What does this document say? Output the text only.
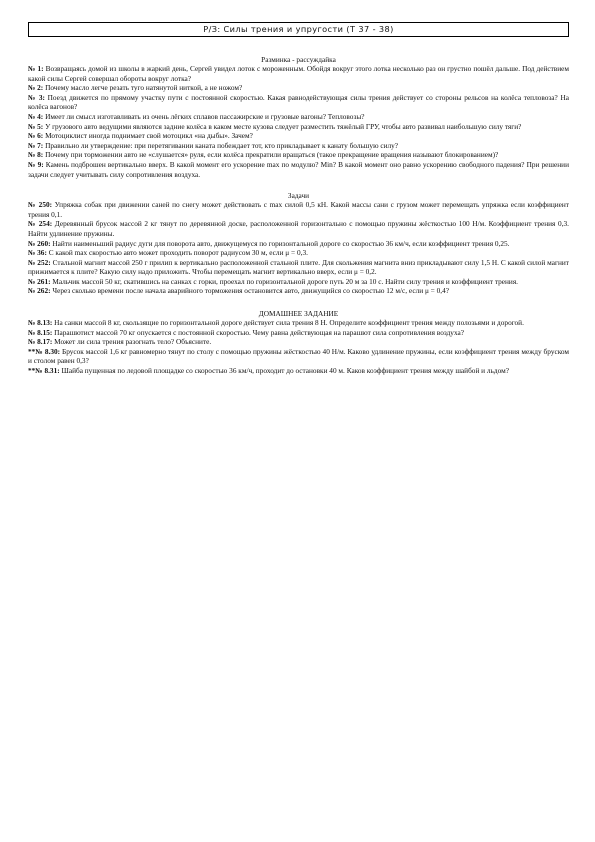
Р/З: Силы трения и упругости (Т 37 - 38)
Разминка - рассуждайка
№ 1: Возвращаясь домой из школы в жаркий день, Сергей увидел лоток с мороженным. Обойдя вокруг этого лотка несколько раз он грустно пошёл дальше. Под действием какой силы Сергей совершал обороты вокруг лотка?
№ 2: Почему масло легче резать туго натянутой ниткой, а не ножом?
№ 3: Поезд движется по прямому участку пути с постоянной скоростью. Какая равнодействующая силы трения действует со стороны рельсов на колёса тепловоза? На колёса вагонов?
№ 4: Имеет ли смысл изготавливать из очень лёгких сплавов пассажирские и грузовые вагоны? Тепловозы?
№ 5: У грузового авто ведущими являются задние колёса в каком месте кузова следует разместить тяжёлый ГРУ, чтобы авто развивал наибольшую силу тяги?
№ 6: Мотоциклист иногда поднимает свой мотоцикл «на дыбы». Зачем?
№ 7: Правильно ли утверждение: при перетягивании каната побеждает тот, кто прикладывает к канату большую силу?
№ 8: Почему при торможении авто не «слушается» руля, если колёса прекратили вращаться (такое прекращение вращения называют блокированием)?
№ 9: Камень подброшен вертикально вверх. В какой момент его ускорение max по модулю? Min? В какой момент оно равно ускорению свободного падения? При решении задачи следует учитывать силу сопротивления воздуха.
Задачи
№ 250: Упряжка собак при движении саней по снегу может действовать с max силой 0,5 кН. Какой массы сани с грузом может перемещать упряжка если коэффициент трения 0,1.
№ 254: Деревянный брусок массой 2 кг тянут по деревянной доске, расположенной горизонтально с помощью пружины жёсткостью 100 Н/м. Коэффициент трения 0,3. Найти удлинение пружины.
№ 260: Найти наименьший радиус дуги для поворота авто, движущемуся по горизонтальной дороге со скоростью 36 км/ч, если коэффициент трения 0,25.
№ 36: С какой max скоростью авто может проходить поворот радиусом 30 м, если μ = 0,3.
№ 252: Стальной магнит массой 250 г прилип к вертикально расположенной стальной плите. Для скольжения магнита вниз прикладывают силу 1,5 Н. С какой силой магнит прижимается к плите? Какую силу надо приложить. Чтобы перемещать магнит вертикально вверх, если μ = 0,2.
№ 261: Мальчик массой 50 кг, скатившись на санках с горки, проехал по горизонтальной дороге путь 20 м за 10 с. Найти силу трения и коэффициент трения.
№ 262: Через сколько времени после начала аварийного торможения остановится авто, движущийся со скоростью 12 м/с, если μ = 0,4?
ДОМАШНЕЕ ЗАДАНИЕ
№ 8.13: На санки массой 8 кг, скользящие по горизонтальной дороге действует сила трения 8 Н. Определите коэффициент трения между полозьями и дорогой.
№ 8.15: Парашютист массой 70 кг опускается с постоянной скоростью. Чему равна действующая на парашют сила сопротивления воздуха?
№ 8.17: Может ли сила трения разогнать тело? Объясните.
**№ 8.30: Брусок массой 1,6 кг равномерно тянут по столу с помощью пружины жёсткостью 40 Н/м. Каково удлинение пружины, если коэффициент трения между бруском и столом равен 0,3?
**№ 8.31: Шайба пущенная по ледовой площадке со скоростью 36 км/ч, проходит до остановки 40 м. Каков коэффициент трения между шайбой и льдом?
